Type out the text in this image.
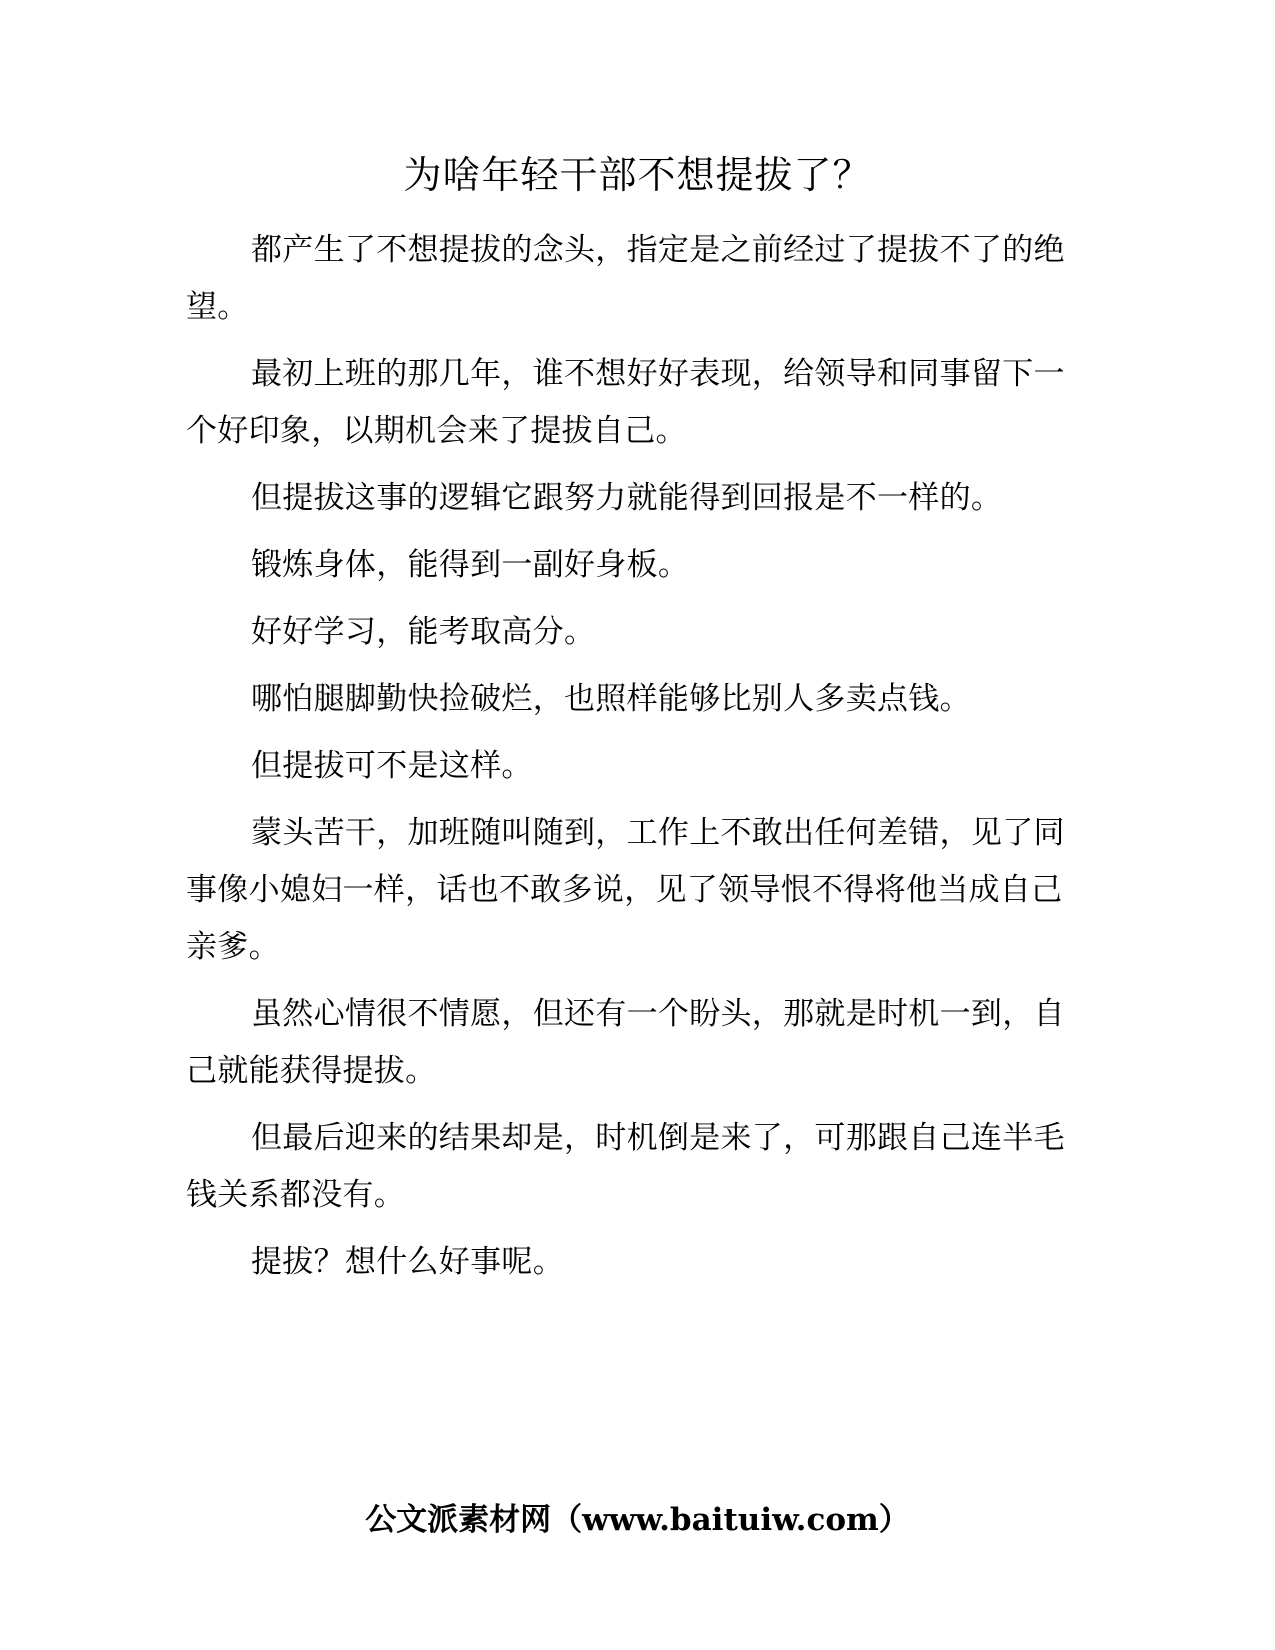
为啥年轻干部不想提拔了？

都产生了不想提拔的念头，指定是之前经过了提拔不了的绝望。

最初上班的那几年，谁不想好好表现，给领导和同事留下一个好印象，以期机会来了提拔自己。

但提拔这事的逻辑它跟努力就能得到回报是不一样的。

锻炼身体，能得到一副好身板。

好好学习，能考取高分。

哪怕腿脚勤快捡破烂，也照样能够比别人多卖点钱。

但提拔可不是这样。

蒙头苦干，加班随叫随到，工作上不敢出任何差错，见了同事像小媳妇一样，话也不敢多说，见了领导恨不得将他当成自己亲爹。

虽然心情很不情愿，但还有一个盼头，那就是时机一到，自己就能获得提拔。

但最后迎来的结果却是，时机倒是来了，可那跟自己连半毛钱关系都没有。

提拔？想什么好事呢。

公文派素材网（www.baituiw.com）
